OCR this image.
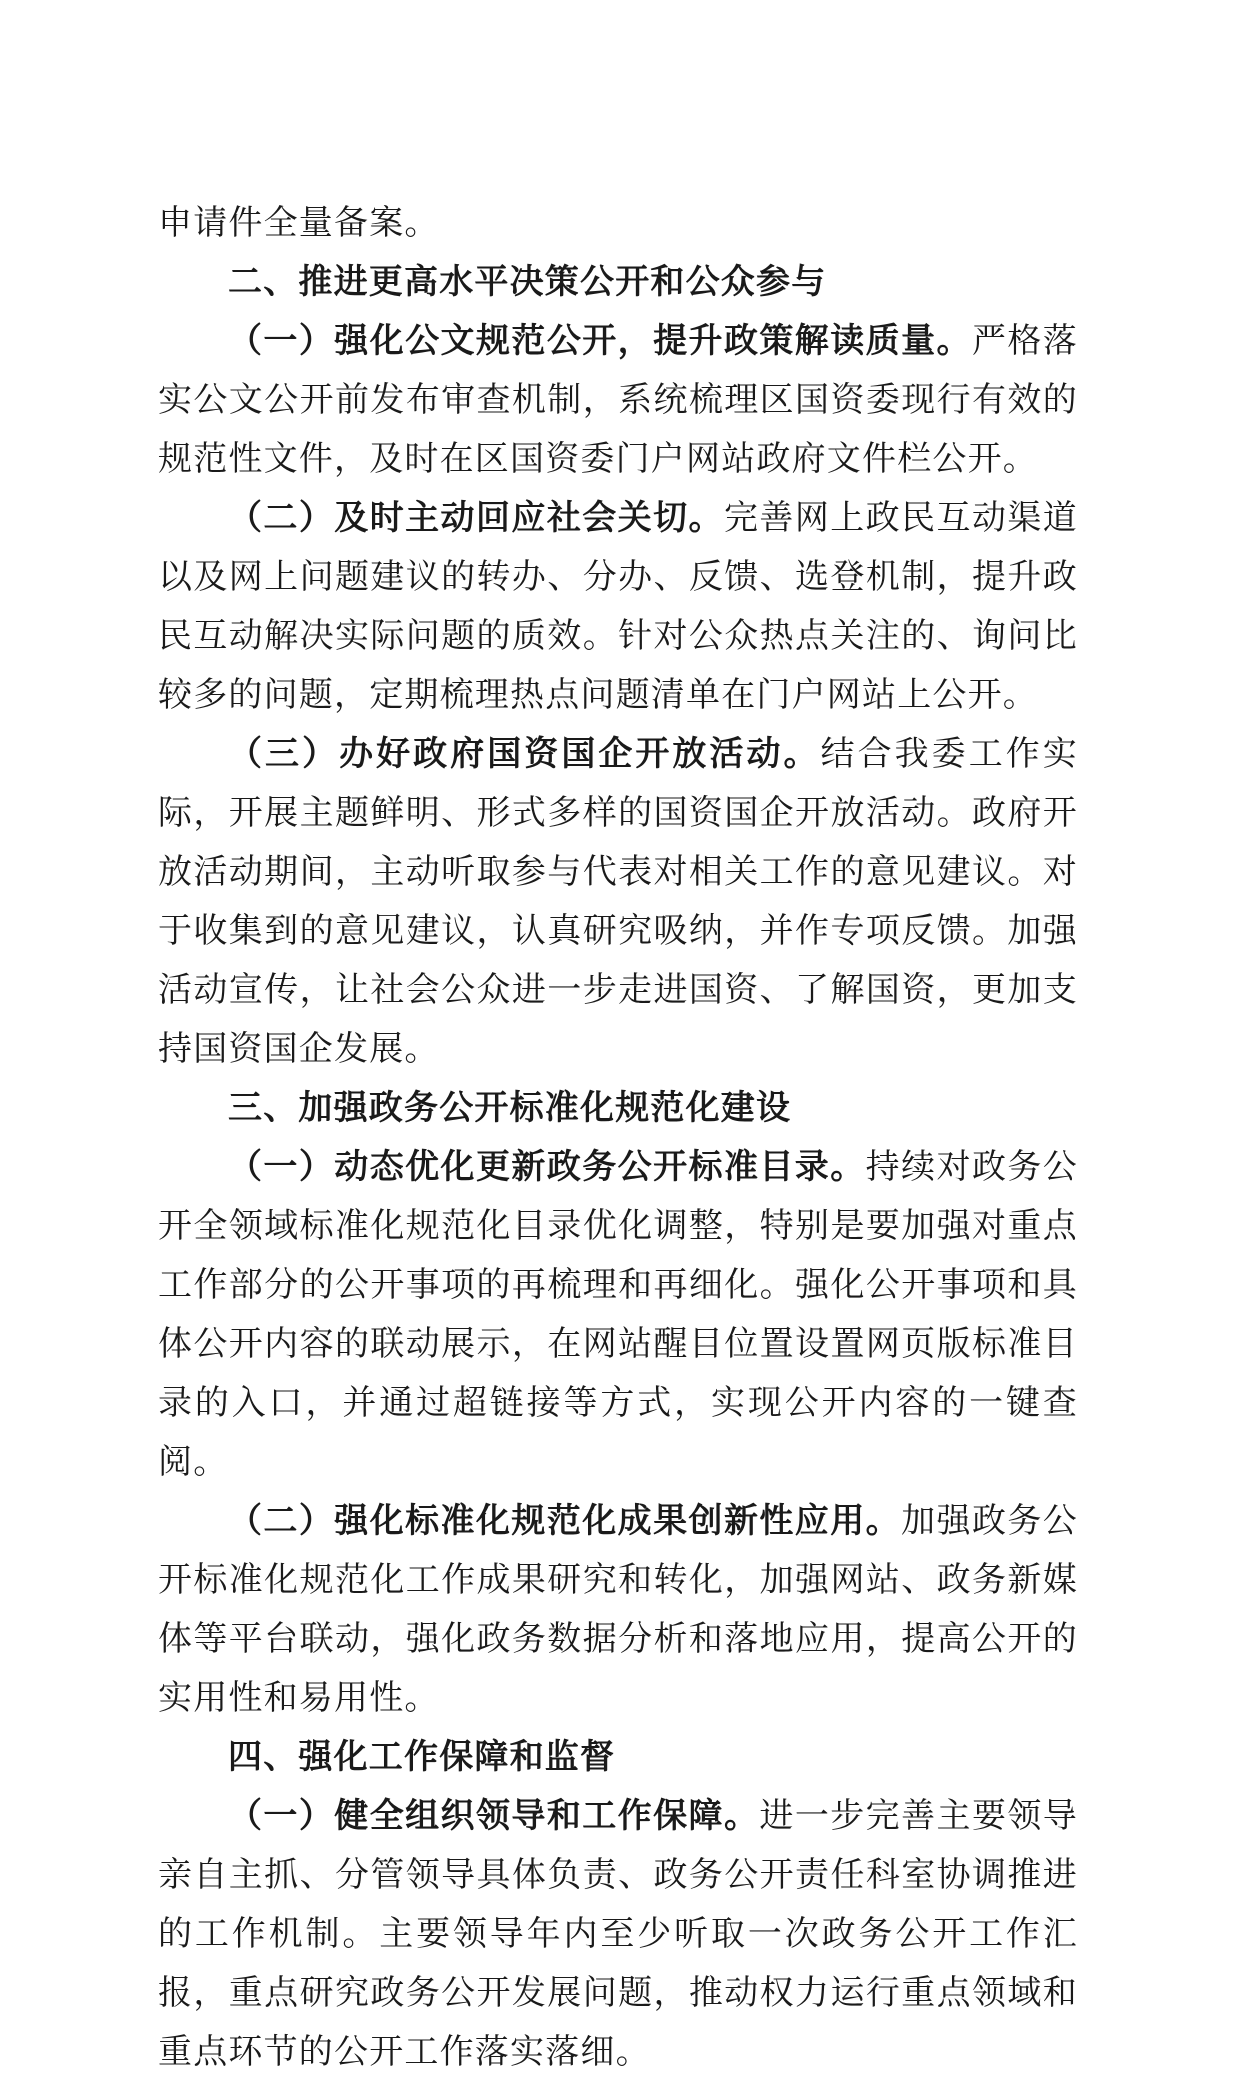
申请件全量备案。

二、推进更高水平决策公开和公众参与

（一）强化公文规范公开，提升政策解读质量。严格落实公文公开前发布审查机制，系统梳理区国资委现行有效的规范性文件，及时在区国资委门户网站政府文件栏公开。

（二）及时主动回应社会关切。完善网上政民互动渠道以及网上问题建议的转办、分办、反馈、选登机制，提升政民互动解决实际问题的质效。针对公众热点关注的、询问比较多的问题，定期梳理热点问题清单在门户网站上公开。

（三）办好政府国资国企开放活动。结合我委工作实际，开展主题鲜明、形式多样的国资国企开放活动。政府开放活动期间，主动听取参与代表对相关工作的意见建议。对于收集到的意见建议，认真研究吸纳，并作专项反馈。加强活动宣传，让社会公众进一步走进国资、了解国资，更加支持国资国企发展。

三、加强政务公开标准化规范化建设

（一）动态优化更新政务公开标准目录。持续对政务公开全领域标准化规范化目录优化调整，特别是要加强对重点工作部分的公开事项的再梳理和再细化。强化公开事项和具体公开内容的联动展示，在网站醒目位置设置网页版标准目录的入口，并通过超链接等方式，实现公开内容的一键查阅。

（二）强化标准化规范化成果创新性应用。加强政务公开标准化规范化工作成果研究和转化，加强网站、政务新媒体等平台联动，强化政务数据分析和落地应用，提高公开的实用性和易用性。

四、强化工作保障和监督

（一）健全组织领导和工作保障。进一步完善主要领导亲自主抓、分管领导具体负责、政务公开责任科室协调推进的工作机制。主要领导年内至少听取一次政务公开工作汇报，重点研究政务公开发展问题，推动权力运行重点领域和重点环节的公开工作落实落细。
